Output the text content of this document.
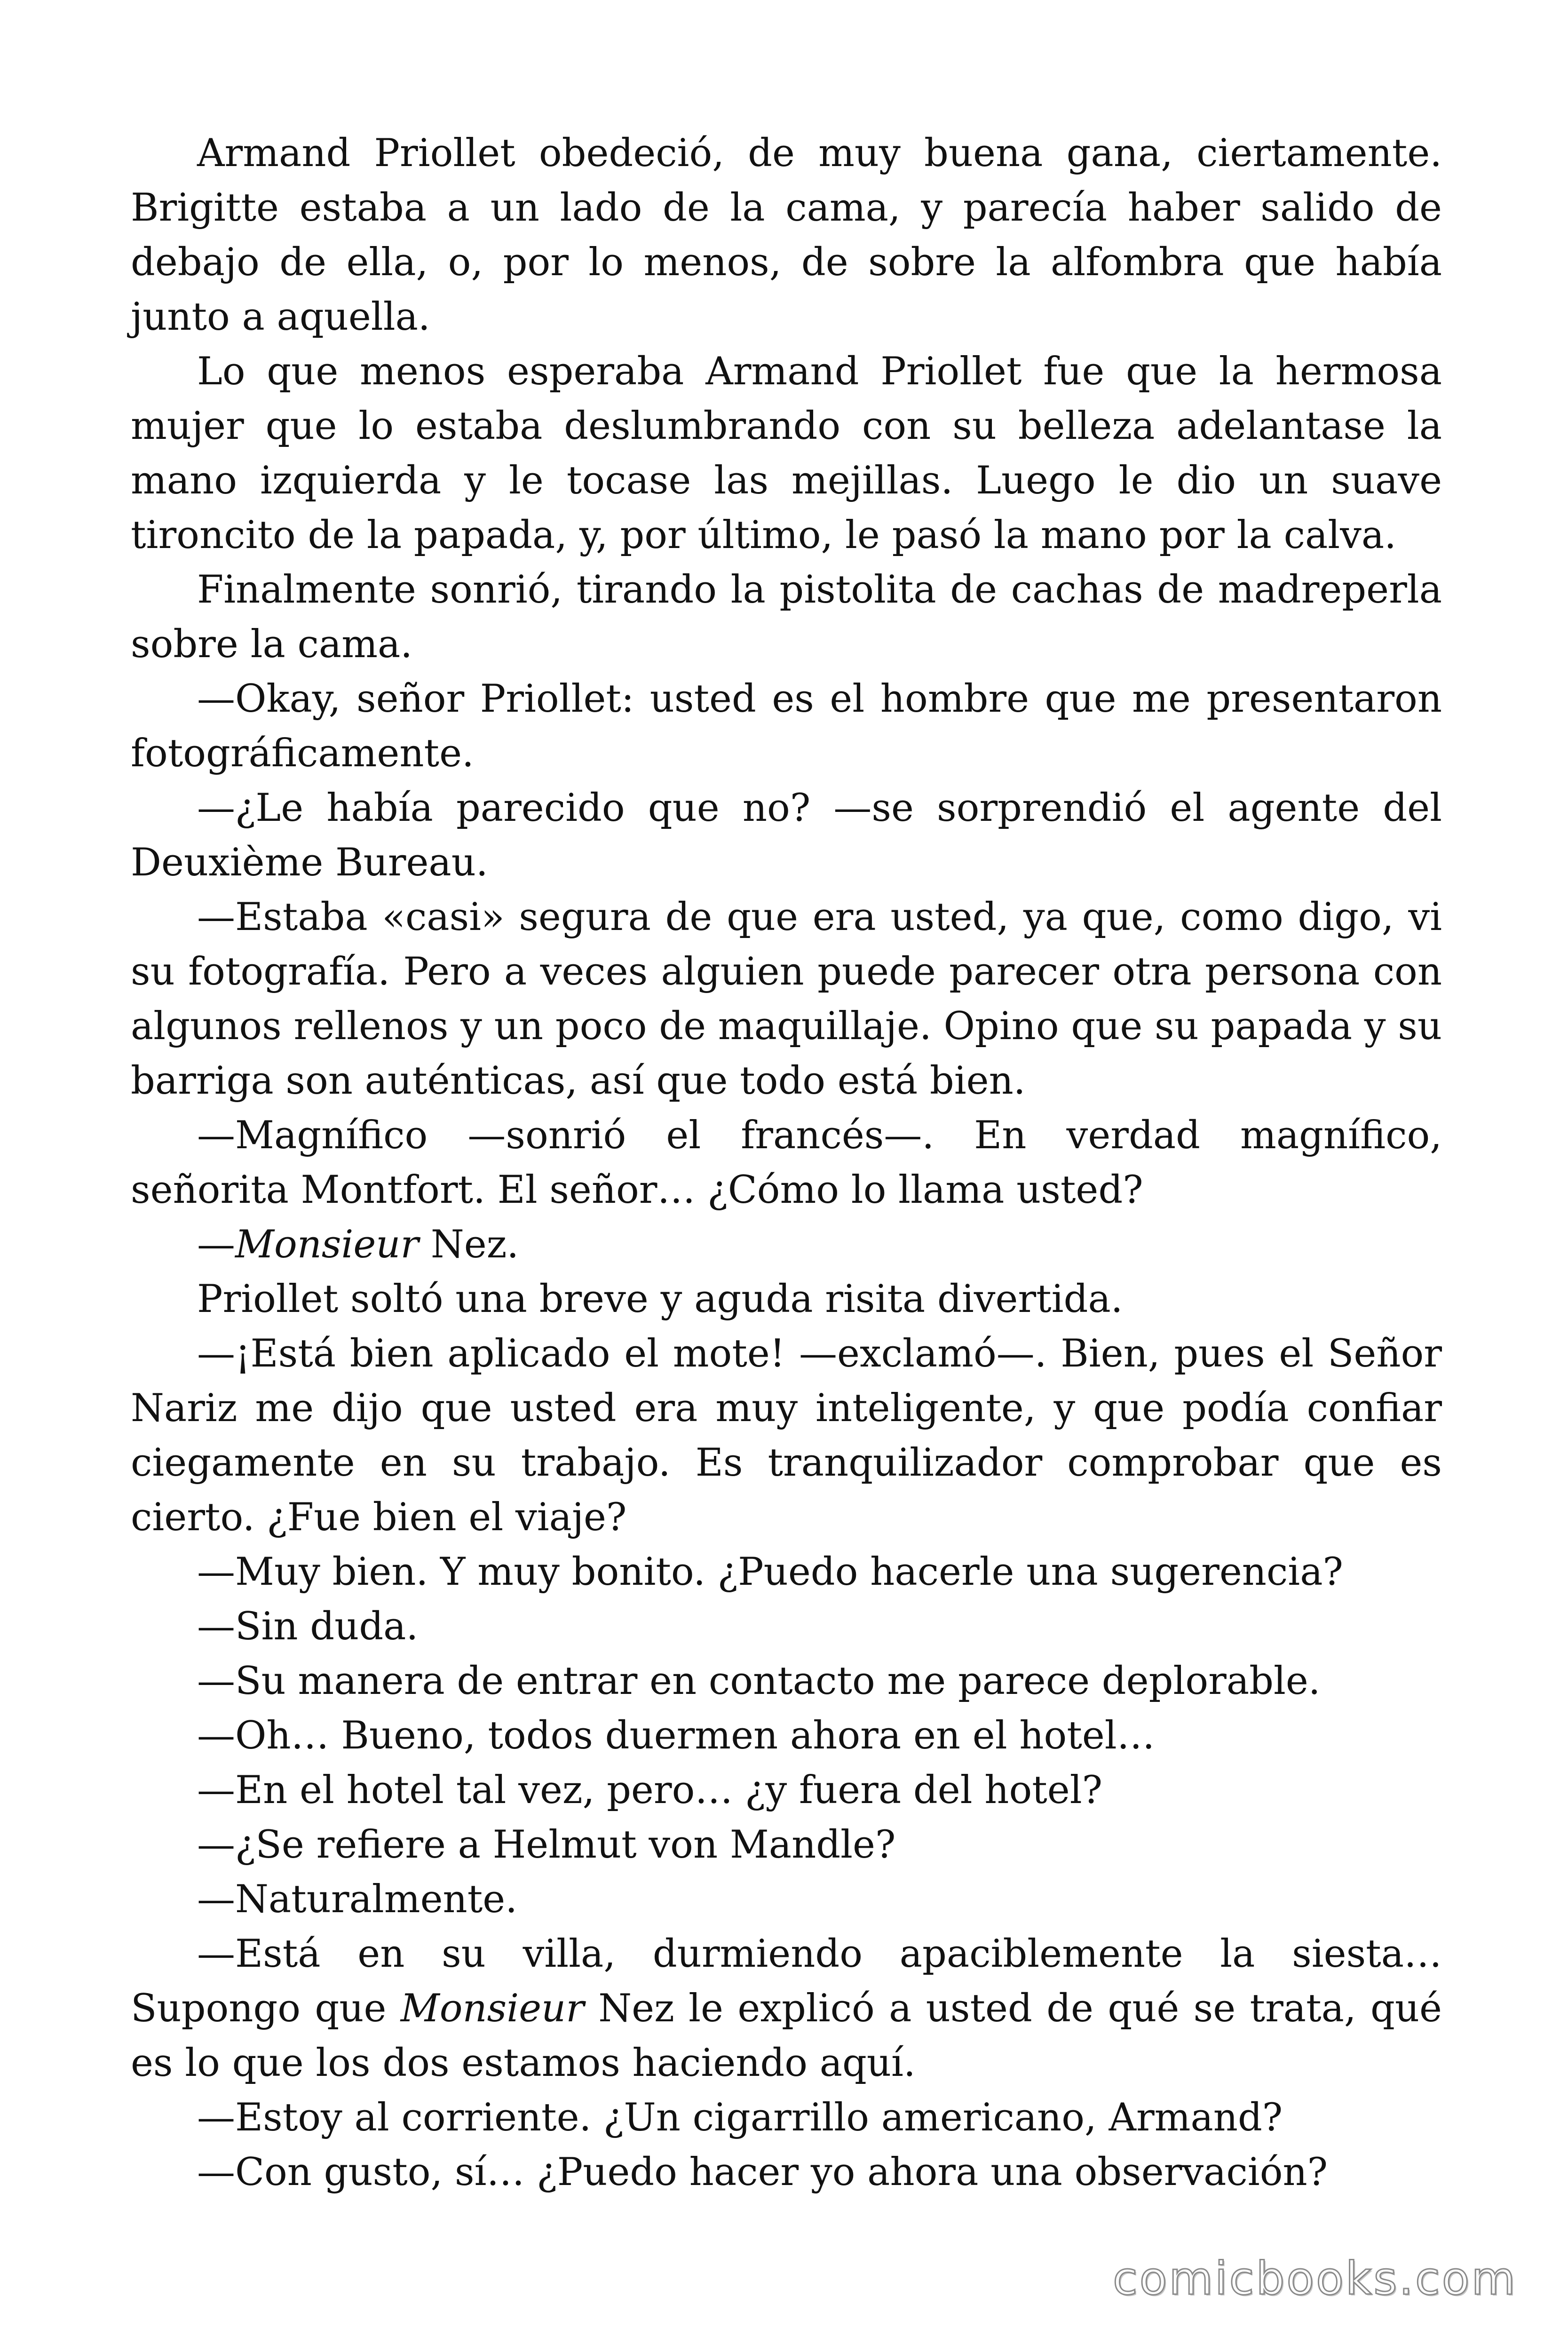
Armand Priollet obedeció, de muy buena gana, ciertamente. Brigitte estaba a un lado de la cama, y parecía haber salido de debajo de ella, o, por lo menos, de sobre la alfombra que había junto a aquella.

Lo que menos esperaba Armand Priollet fue que la hermosa mujer que lo estaba deslumbrando con su belleza adelantase la mano izquierda y le tocase las mejillas. Luego le dio un suave tironcito de la papada, y, por último, le pasó la mano por la calva.

Finalmente sonrió, tirando la pistolita de cachas de madreperla sobre la cama.

—Okay, señor Priollet: usted es el hombre que me presentaron fotográficamente.

—¿Le había parecido que no? —se sorprendió el agente del Deuxième Bureau.

—Estaba «casi» segura de que era usted, ya que, como digo, vi su fotografía. Pero a veces alguien puede parecer otra persona con algunos rellenos y un poco de maquillaje. Opino que su papada y su barriga son auténticas, así que todo está bien.

—Magnífico —sonrió el francés—. En verdad magnífico, señorita Montfort. El señor… ¿Cómo lo llama usted?

—Monsieur Nez.

Priollet soltó una breve y aguda risita divertida.

—¡Está bien aplicado el mote! —exclamó—. Bien, pues el Señor Nariz me dijo que usted era muy inteligente, y que podía confiar ciegamente en su trabajo. Es tranquilizador comprobar que es cierto. ¿Fue bien el viaje?

—Muy bien. Y muy bonito. ¿Puedo hacerle una sugerencia?

—Sin duda.

—Su manera de entrar en contacto me parece deplorable.

—Oh… Bueno, todos duermen ahora en el hotel…

—En el hotel tal vez, pero… ¿y fuera del hotel?

—¿Se refiere a Helmut von Mandle?

—Naturalmente.

—Está en su villa, durmiendo apaciblemente la siesta… Supongo que Monsieur Nez le explicó a usted de qué se trata, qué es lo que los dos estamos haciendo aquí.

—Estoy al corriente. ¿Un cigarrillo americano, Armand?

—Con gusto, sí… ¿Puedo hacer yo ahora una observación?

comicbooks.com
